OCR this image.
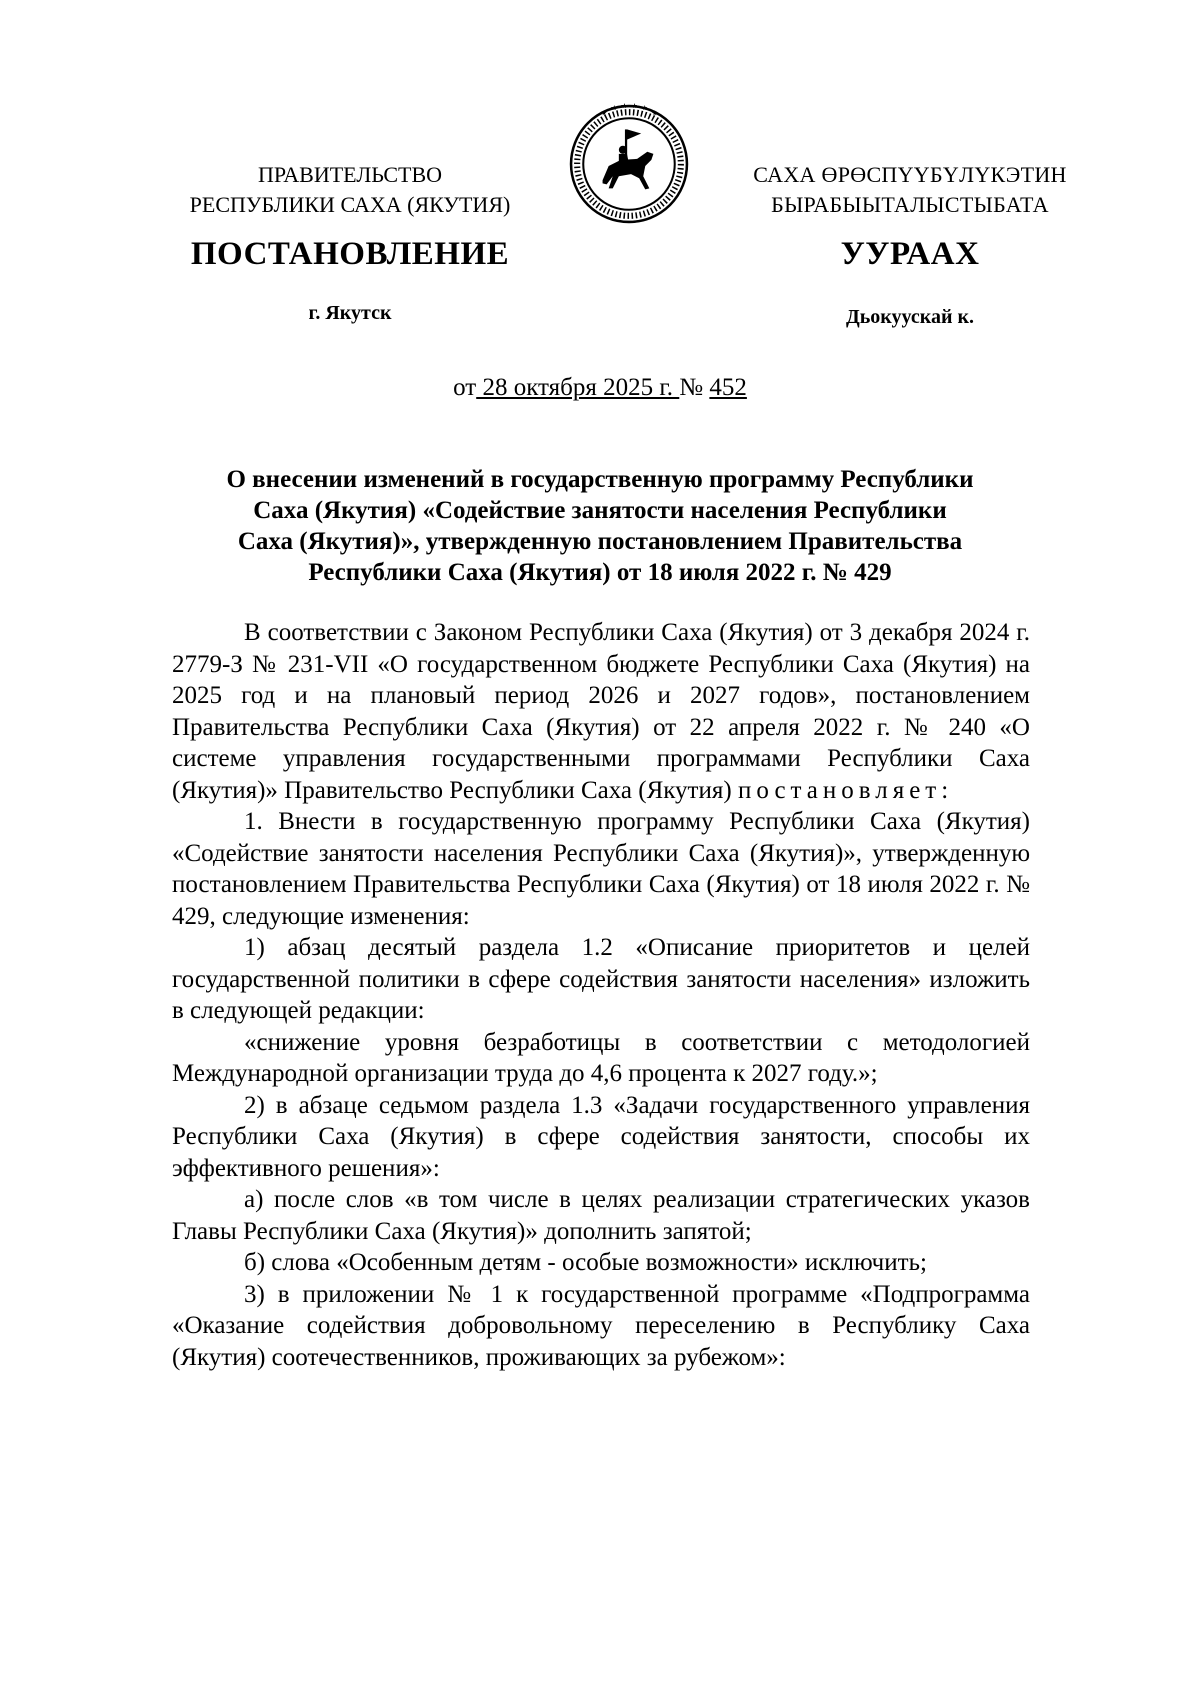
ПРАВИТЕЛЬСТВО
РЕСПУБЛИКИ САХА (ЯКУТИЯ)
САХА ӨРӨСПҮҮБҮЛҮКЭТИН
БЫРАБЫЫТАЛЫСТЫБАТА
ПОСТАНОВЛЕНИЕ	УУРААХ
г. Якутск	Дьокуускай к.
от 28 октября 2025 г. № 452
О внесении изменений в государственную программу Республики
Саха (Якутия) «Содействие занятости населения Республики
Саха (Якутия)», утвержденную постановлением Правительства
Республики Саха (Якутия) от 18 июля 2022 г. № 429

В соответствии с Законом Республики Саха (Якутия) от 3 декабря 2024 г. 2779-З № 231-VII «О государственном бюджете Республики Саха (Якутия) на 2025 год и на плановый период 2026 и 2027 годов», постановлением Правительства Республики Саха (Якутия) от 22 апреля 2022 г. № 240 «О системе управления государственными программами Республики Саха (Якутия)» Правительство Республики Саха (Якутия) постановляет:

1. Внести в государственную программу Республики Саха (Якутия) «Содействие занятости населения Республики Саха (Якутия)», утвержденную постановлением Правительства Республики Саха (Якутия) от 18 июля 2022 г. № 429, следующие изменения:

1) абзац десятый раздела 1.2 «Описание приоритетов и целей государственной политики в сфере содействия занятости населения» изложить в следующей редакции:

«снижение уровня безработицы в соответствии с методологией Международной организации труда до 4,6 процента к 2027 году.»;

2) в абзаце седьмом раздела 1.3 «Задачи государственного управления Республики Саха (Якутия) в сфере содействия занятости, способы их эффективного решения»:

а) после слов «в том числе в целях реализации стратегических указов Главы Республики Саха (Якутия)» дополнить запятой;

б) слова «Особенным детям - особые возможности» исключить;

3) в приложении № 1 к государственной программе «Подпрограмма «Оказание содействия добровольному переселению в Республику Саха (Якутия) соотечественников, проживающих за рубежом»:
